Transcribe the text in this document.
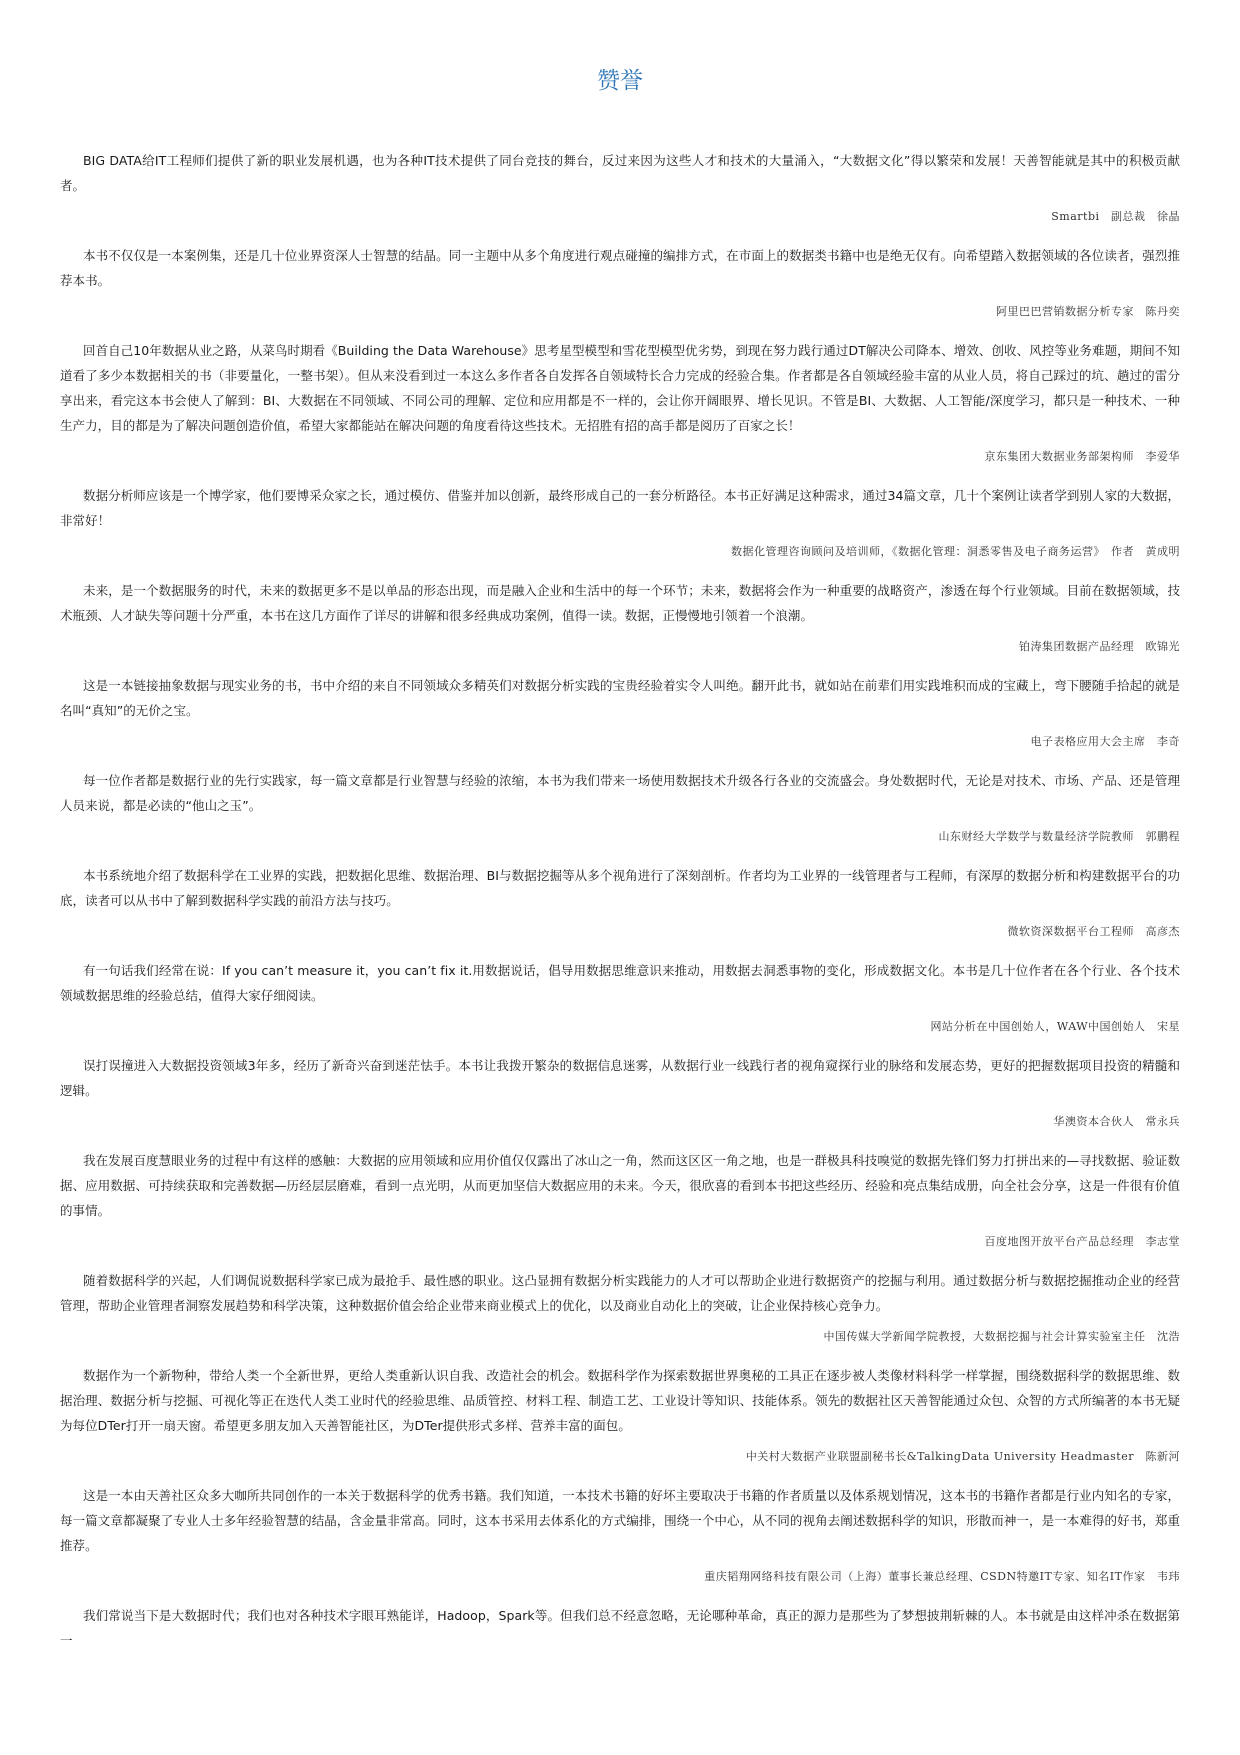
赞誉

BIG DATA给IT工程师们提供了新的职业发展机遇，也为各种IT技术提供了同台竞技的舞台，反过来因为这些人才和技术的大量涌入，“大数据文化”得以繁荣和发展！天善智能就是其中的积极贡献者。

Smartbi　副总裁　徐晶

本书不仅仅是一本案例集，还是几十位业界资深人士智慧的结晶。同一主题中从多个角度进行观点碰撞的编排方式，在市面上的数据类书籍中也是绝无仅有。向希望踏入数据领域的各位读者，强烈推荐本书。

阿里巴巴营销数据分析专家　陈丹奕

回首自己10年数据从业之路，从菜鸟时期看《Building the Data Warehouse》思考星型模型和雪花型模型优劣势，到现在努力践行通过DT解决公司降本、增效、创收、风控等业务难题，期间不知道看了多少本数据相关的书（非要量化，一整书架）。但从来没看到过一本这么多作者各自发挥各自领域特长合力完成的经验合集。作者都是各自领域经验丰富的从业人员，将自己踩过的坑、趟过的雷分享出来，看完这本书会使人了解到：BI、大数据在不同领域、不同公司的理解、定位和应用都是不一样的，会让你开阔眼界、增长见识。不管是BI、大数据、人工智能/深度学习，都只是一种技术、一种生产力，目的都是为了解决问题创造价值，希望大家都能站在解决问题的角度看待这些技术。无招胜有招的高手都是阅历了百家之长！

京东集团大数据业务部架构师　李爱华

数据分析师应该是一个博学家，他们要博采众家之长，通过模仿、借鉴并加以创新，最终形成自己的一套分析路径。本书正好满足这种需求，通过34篇文章，几十个案例让读者学到别人家的大数据，非常好！

数据化管理咨询顾问及培训师，《数据化管理：洞悉零售及电子商务运营》　作者　黄成明

未来，是一个数据服务的时代，未来的数据更多不是以单品的形态出现，而是融入企业和生活中的每一个环节；未来，数据将会作为一种重要的战略资产，渗透在每个行业领域。目前在数据领域，技术瓶颈、人才缺失等问题十分严重，本书在这几方面作了详尽的讲解和很多经典成功案例，值得一读。数据，正慢慢地引领着一个浪潮。

铂涛集团数据产品经理　欧锦光

这是一本链接抽象数据与现实业务的书，书中介绍的来自不同领域众多精英们对数据分析实践的宝贵经验着实令人叫绝。翻开此书，就如站在前辈们用实践堆积而成的宝藏上，弯下腰随手拾起的就是名叫“真知”的无价之宝。

电子表格应用大会主席　李奇

每一位作者都是数据行业的先行实践家，每一篇文章都是行业智慧与经验的浓缩，本书为我们带来一场使用数据技术升级各行各业的交流盛会。身处数据时代，无论是对技术、市场、产品、还是管理人员来说，都是必读的“他山之玉”。

山东财经大学数学与数量经济学院教师　郭鹏程

本书系统地介绍了数据科学在工业界的实践，把数据化思维、数据治理、BI与数据挖掘等从多个视角进行了深刻剖析。作者均为工业界的一线管理者与工程师，有深厚的数据分析和构建数据平台的功底，读者可以从书中了解到数据科学实践的前沿方法与技巧。

微软资深数据平台工程师　高彦杰

有一句话我们经常在说：If you can’t measure it，you can’t fix it.用数据说话，倡导用数据思维意识来推动，用数据去洞悉事物的变化，形成数据文化。本书是几十位作者在各个行业、各个技术领域数据思维的经验总结，值得大家仔细阅读。

网站分析在中国创始人，WAW中国创始人　宋星

误打误撞进入大数据投资领域3年多，经历了新奇兴奋到迷茫怯手。本书让我拨开繁杂的数据信息迷雾，从数据行业一线践行者的视角窥探行业的脉络和发展态势，更好的把握数据项目投资的精髓和逻辑。

华澳资本合伙人　常永兵

我在发展百度慧眼业务的过程中有这样的感触：大数据的应用领域和应用价值仅仅露出了冰山之一角，然而这区区一角之地，也是一群极具科技嗅觉的数据先锋们努力打拼出来的—寻找数据、验证数据、应用数据、可持续获取和完善数据—历经层层磨难，看到一点光明，从而更加坚信大数据应用的未来。今天，很欣喜的看到本书把这些经历、经验和亮点集结成册，向全社会分享，这是一件很有价值的事情。

百度地图开放平台产品总经理　李志堂

随着数据科学的兴起，人们调侃说数据科学家已成为最抢手、最性感的职业。这凸显拥有数据分析实践能力的人才可以帮助企业进行数据资产的挖掘与利用。通过数据分析与数据挖掘推动企业的经营管理，帮助企业管理者洞察发展趋势和科学决策，这种数据价值会给企业带来商业模式上的优化，以及商业自动化上的突破，让企业保持核心竞争力。

中国传媒大学新闻学院教授，大数据挖掘与社会计算实验室主任　沈浩

数据作为一个新物种，带给人类一个全新世界，更给人类重新认识自我、改造社会的机会。数据科学作为探索数据世界奥秘的工具正在逐步被人类像材料科学一样掌握，围绕数据科学的数据思维、数据治理、数据分析与挖掘、可视化等正在迭代人类工业时代的经验思维、品质管控、材料工程、制造工艺、工业设计等知识、技能体系。领先的数据社区天善智能通过众包、众智的方式所编著的本书无疑为每位DTer打开一扇天窗。希望更多朋友加入天善智能社区，为DTer提供形式多样、营养丰富的面包。

中关村大数据产业联盟副秘书长&TalkingData University Headmaster　陈新河

这是一本由天善社区众多大咖所共同创作的一本关于数据科学的优秀书籍。我们知道，一本技术书籍的好坏主要取决于书籍的作者质量以及体系规划情况，这本书的书籍作者都是行业内知名的专家，每一篇文章都凝聚了专业人士多年经验智慧的结晶，含金量非常高。同时，这本书采用去体系化的方式编排，围绕一个中心，从不同的视角去阐述数据科学的知识，形散而神一，是一本难得的好书，郑重推荐。

重庆韬翔网络科技有限公司（上海）董事长兼总经理、CSDN特邀IT专家、知名IT作家　韦玮

我们常说当下是大数据时代；我们也对各种技术字眼耳熟能详，Hadoop，Spark等。但我们总不经意忽略，无论哪种革命，真正的源力是那些为了梦想披荆斩棘的人。本书就是由这样冲杀在数据第一
